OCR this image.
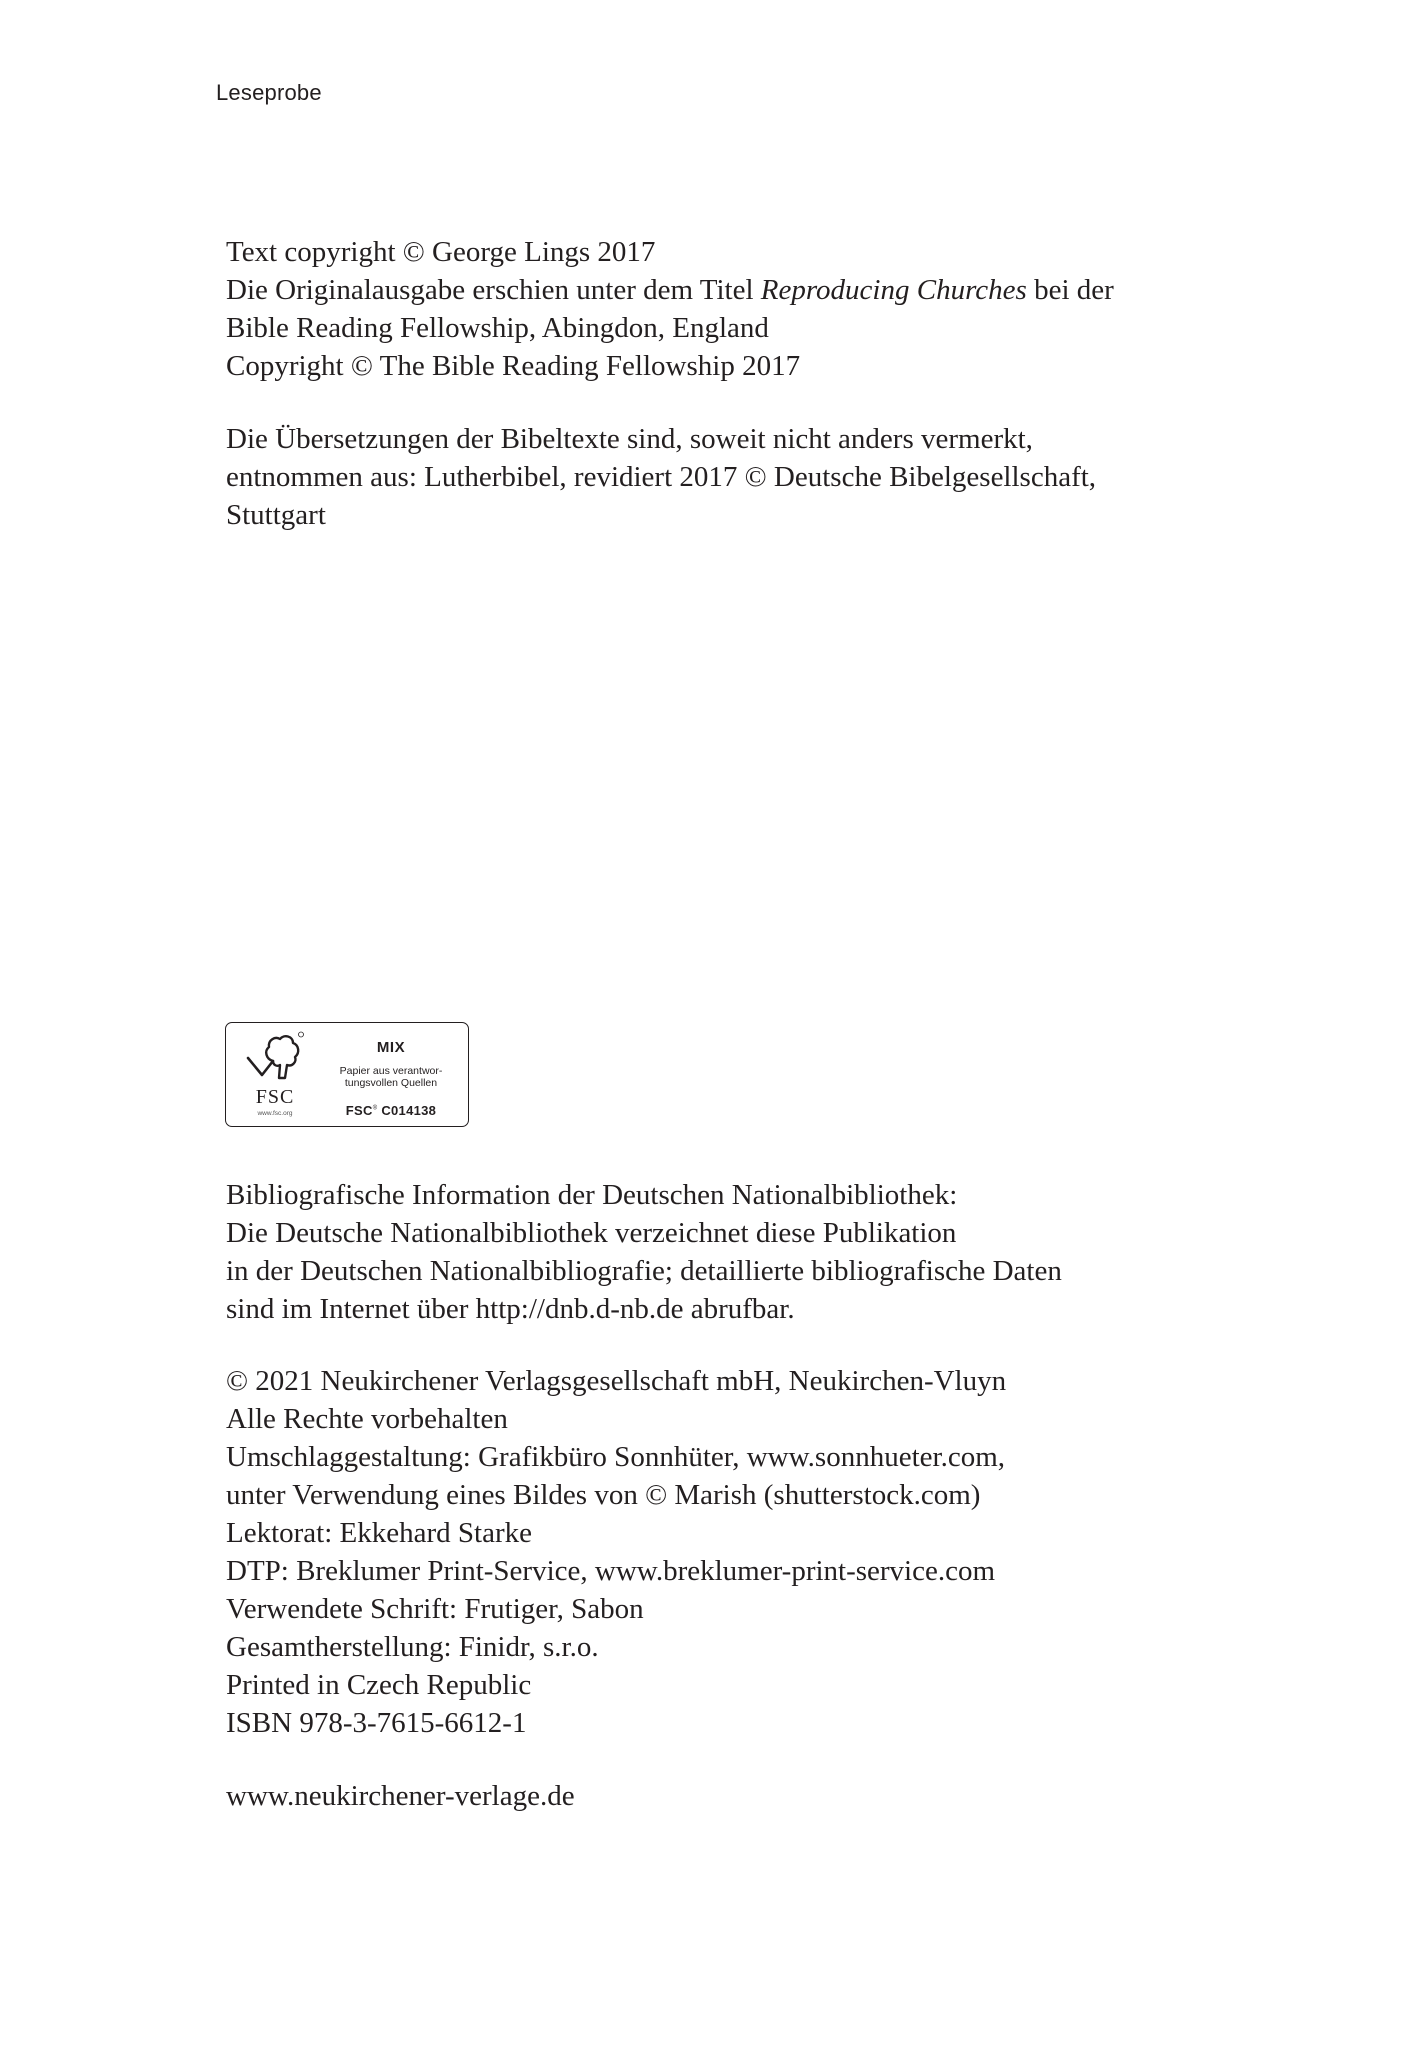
Leseprobe
Text copyright © George Lings 2017
Die Originalausgabe erschien unter dem Titel Reproducing Churches bei der
Bible Reading Fellowship, Abingdon, England
Copyright © The Bible Reading Fellowship 2017
Die Übersetzungen der Bibeltexte sind, soweit nicht anders vermerkt,
entnommen aus: Lutherbibel, revidiert 2017 © Deutsche Bibelgesellschaft,
Stuttgart
FSC
www.fsc.org
MIX
Papier aus verantwor-
tungsvollen Quellen
FSC® C014138
Bibliografische Information der Deutschen Nationalbibliothek:
Die Deutsche Nationalbibliothek verzeichnet diese Publikation
in der Deutschen Nationalbibliografie; detaillierte bibliografische Daten
sind im Internet über http://dnb.d-nb.de abrufbar.
© 2021 Neukirchener Verlagsgesellschaft mbH, Neukirchen-Vluyn
Alle Rechte vorbehalten
Umschlaggestaltung: Grafikbüro Sonnhüter, www.sonnhueter.com,
unter Verwendung eines Bildes von © Marish (shutterstock.com)
Lektorat: Ekkehard Starke
DTP: Breklumer Print-Service, www.breklumer-print-service.com
Verwendete Schrift: Frutiger, Sabon
Gesamtherstellung: Finidr, s.r.o.
Printed in Czech Republic
ISBN 978-3-7615-6612-1
www.neukirchener-verlage.de
